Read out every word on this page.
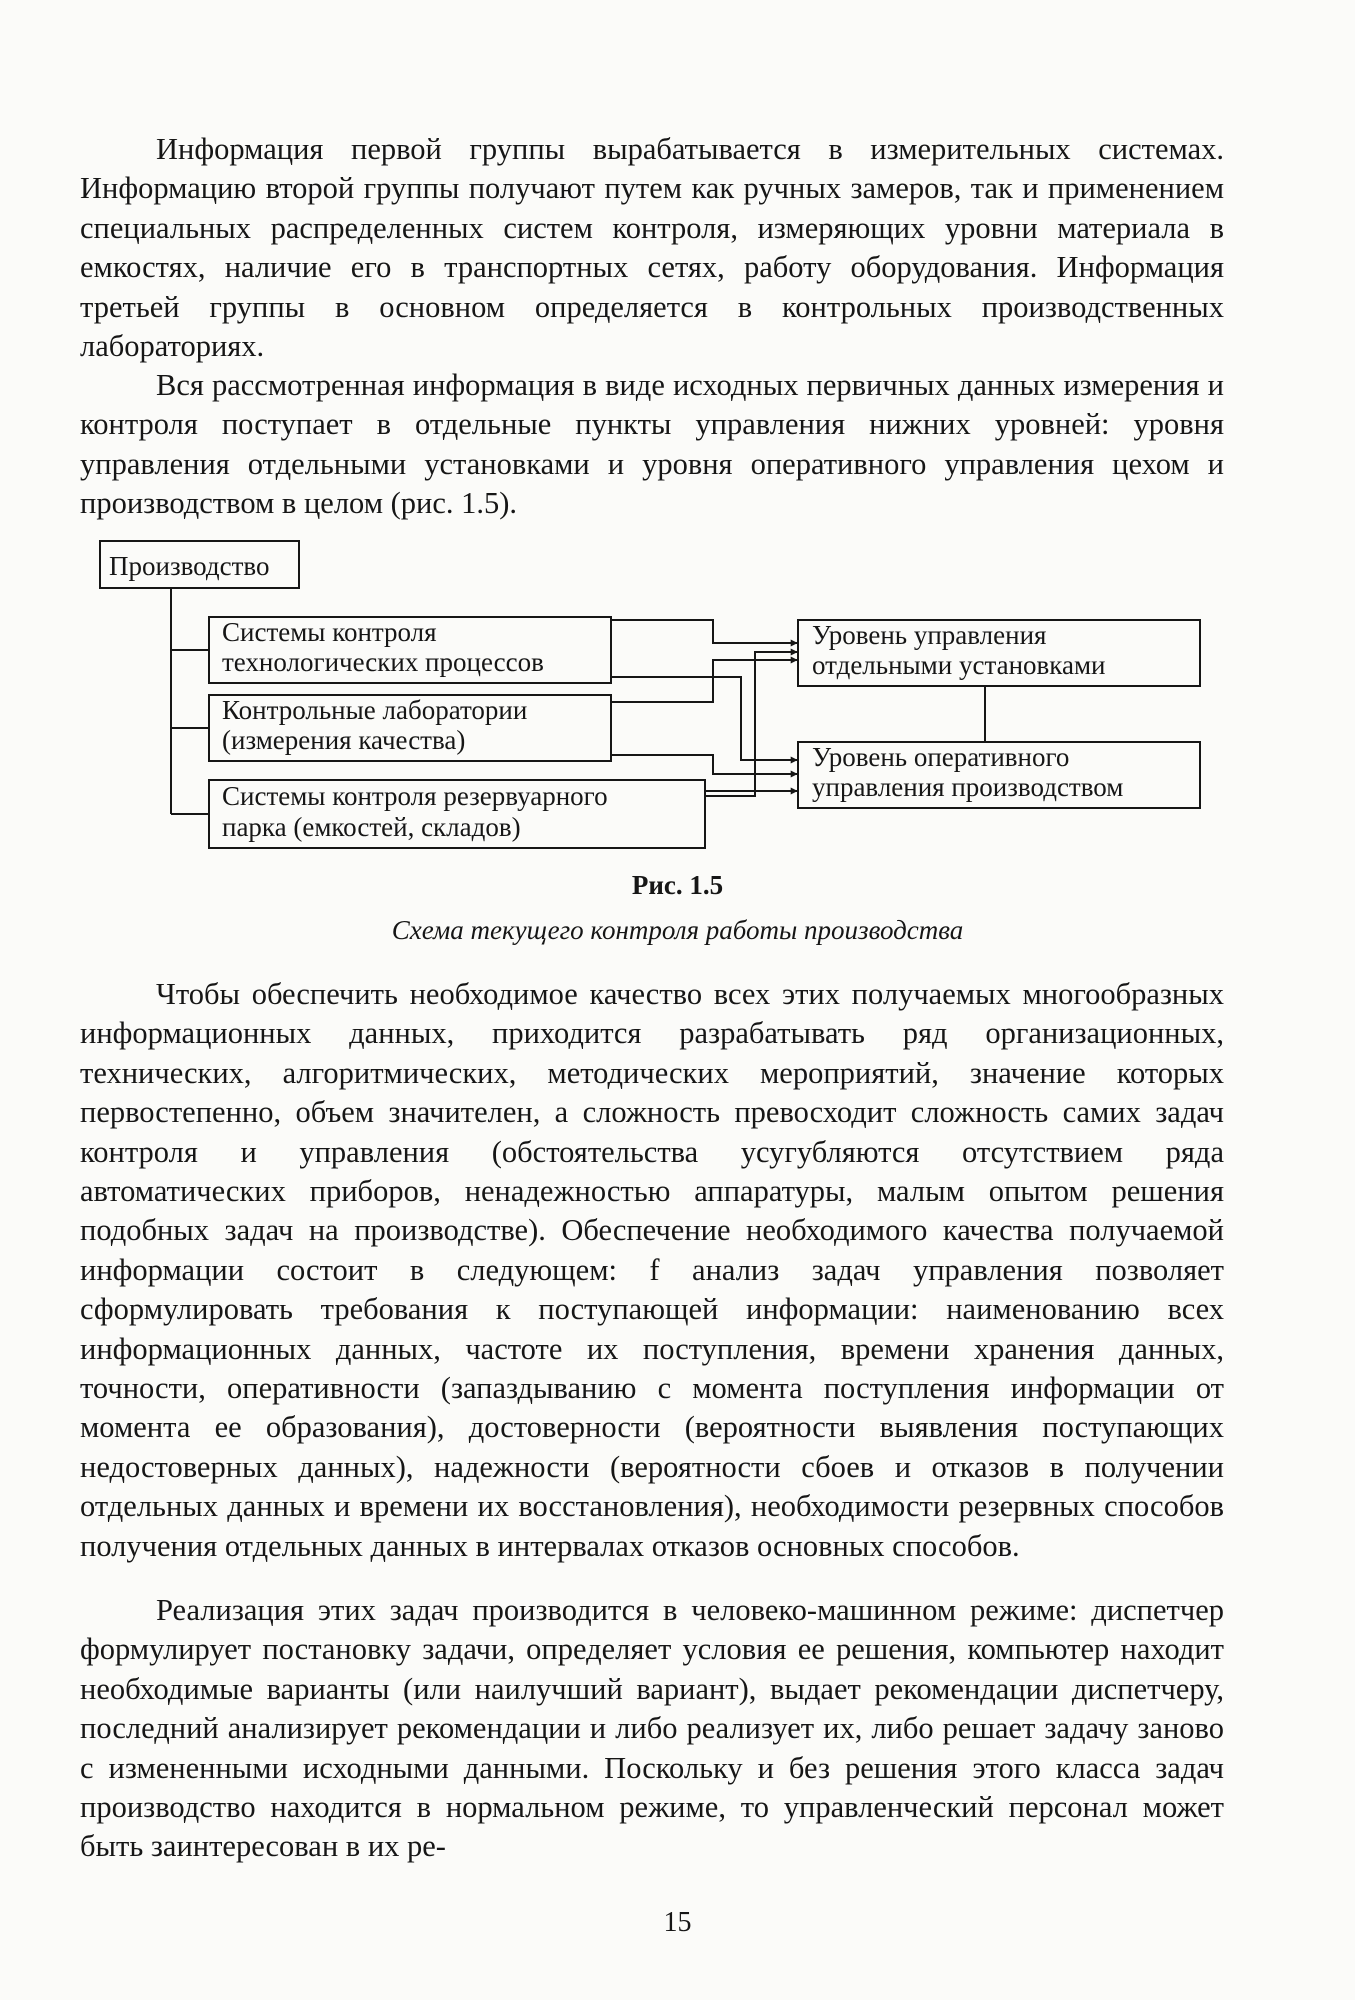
Информация первой группы вырабатывается в измерительных системах. Информацию второй группы получают путем как ручных замеров, так и применением специальных распределенных систем контроля, измеряющих уровни материала в емкостях, наличие его в транспортных сетях, работу оборудования. Информация третьей группы в основном определяется в контрольных производственных лабораториях.

Вся рассмотренная информация в виде исходных первичных данных измерения и контроля поступает в отдельные пункты управления нижних уровней: уровня управления отдельными установками и уровня оперативного управления цехом и производством в целом (рис. 1.5).

Производство
Системы контроля
технологических процессов
Контрольные лаборатории
(измерения качества)
Системы контроля резервуарного
парка (емкостей, складов)
Уровень управления
отдельными установками
Уровень оперативного
управления производством
Рис. 1.5
Схема текущего контроля работы производства

Чтобы обеспечить необходимое качество всех этих получаемых многообразных информационных данных, приходится разрабатывать ряд организационных, технических, алгоритмических, методических мероприятий, значение которых первостепенно, объем значителен, а сложность превосходит сложность самих задач контроля и управления (обстоятельства усугубляются отсутствием ряда автоматических приборов, ненадежностью аппаратуры, малым опытом решения подобных задач на производстве). Обеспечение необходимого качества получаемой информации состоит в следующем: f анализ задач управления позволяет сформулировать требования к поступающей информации: наименованию всех информационных данных, частоте их поступления, времени хранения данных, точности, оперативности (запаздыванию с момента поступления информации от момента ее образования), достоверности (вероятности выявления поступающих недостоверных данных), надежности (вероятности сбоев и отказов в получении отдельных данных и времени их восстановления), необходимости резервных способов получения отдельных данных в интервалах отказов основных способов.

Реализация этих задач производится в человеко-машинном режиме: диспетчер формулирует постановку задачи, определяет условия ее решения, компьютер находит необходимые варианты (или наилучший вариант), выдает рекомендации диспетчеру, последний анализирует рекомендации и либо реализует их, либо решает задачу заново с измененными исходными данными. Поскольку и без решения этого класса задач производство находится в нормальном режиме, то управленческий персонал может быть заинтересован в их ре-

15
